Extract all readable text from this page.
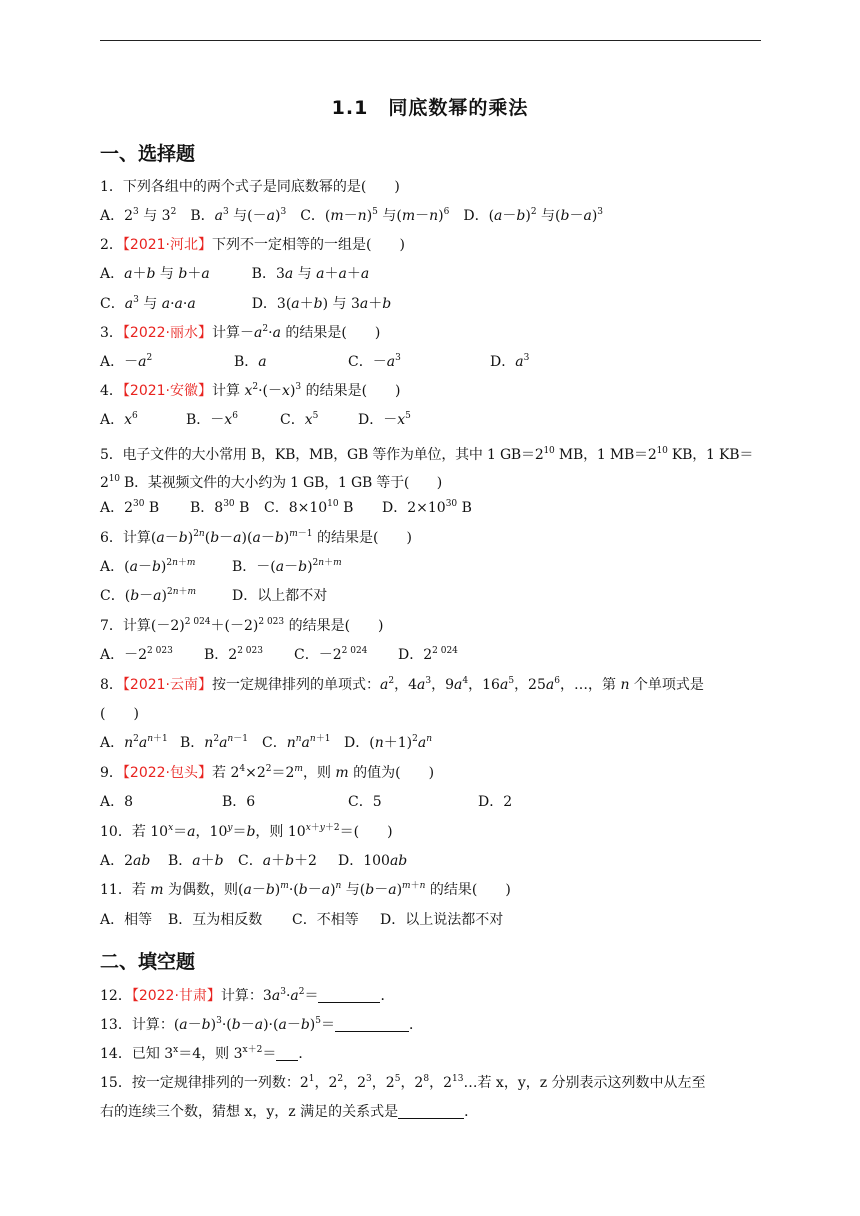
1.1　同底数幂的乘法
一、选择题
1．下列各组中的两个式子是同底数幂的是(　　)
A．$2^3$ 与 $3^2$　 B．$a^3$ 与$(-a)^3$　 C．$(m-n)^5$ 与$(m-n)^6$　 D．$(a-b)^2$ 与$(b-a)^3$
2．【2021·河北】下列不一定相等的一组是(　　)
A．a＋b 与 b＋a　　　B．3a 与 a＋a＋a
C．$a^3$ 与 a·a·a　　　　D．3(a＋b) 与 3a＋b
3．【2022·丽水】计算$-a^2\cdot a$ 的结果是(　　)
A．$-a^2$	B．a	C．$-a^3$	D．$a^3$
4．【2021·安徽】计算 $x^2\cdot(-x)^3$ 的结果是(　　)
A．$x^6$	B．$-x^6$	C．$x^5$	D．$-x^5$
5．电子文件的大小常用 B，KB，MB，GB 等作为单位，其中 1 $GB=2^{10}$ MB，1 $MB=2^{10}$ KB，1 $KB=2^{10}$ B．某视频文件的大小约为 1 GB，1 GB 等于(　　)
A．$2^{30}$ B B．$8^{30}$ B C．$8\times 10^{10}$ B D．$2\times 10^{30}$ B
6．计算$(a-b)^{2n}(b-a)(a-b)^{m-1}$ 的结果是(　　)
A．$(a-b)^{2n+m}$	B．$-(a-b)^{2n+m}$
C．$(b-a)^{2n+m}$	D．以上都不对
7．计算$(-2)^{2 024}+(-2)^{2 023}$ 的结果是(　　)
A．$-2^{2 023}$ B．$2^{2 023}$ C．$-2^{2 024}$ D．$2^{2 024}$
8．【2021·云南】按一定规律排列的单项式：$a^2$，$4a^3$，$9a^4$，$16a^5$，$25a^6$，…，第 n 个单项式是
(　　)
A．$n^2a^{n+1}$ B．$n^2a^{n-1}$ C．$n^na^{n+1}$ D．$(n+1)^2a^n$
9．【2022·包头】若 $2^4\times 2^2=2^m$，则 m 的值为(　　)
A．8	B．6	C．5	D．2
10．若 $10^x=a$，$10^y=b$，则 $10^{x+y+2}=$(　　)
A．2ab B．a＋b C．a＋b＋2 D．100ab
11．若 m 为偶数，则$(a-b)^m\cdot(b-a)^n$ 与$(b-a)^{m+n}$ 的结果(　　)
A．相等 B．互为相反数 C．不相等 D．以上说法都不对
二、填空题
12．【2022·甘肃】计算：$3a^3\cdot a^2=$	．
13．计算：$(a-b)^3\cdot(b-a)\cdot(a-b)^5=$	．
14．已知 $3^x=4$，则 $3^{x+2}=$ ．
15．按一定规律排列的一列数：$2^1$，$2^2$，$2^3$，$2^5$，$2^8$，$2^{13}\dots$若 x，y，z 分别表示这列数中从左至
右的连续三个数，猜想 x，y，z 满足的关系式是	．
